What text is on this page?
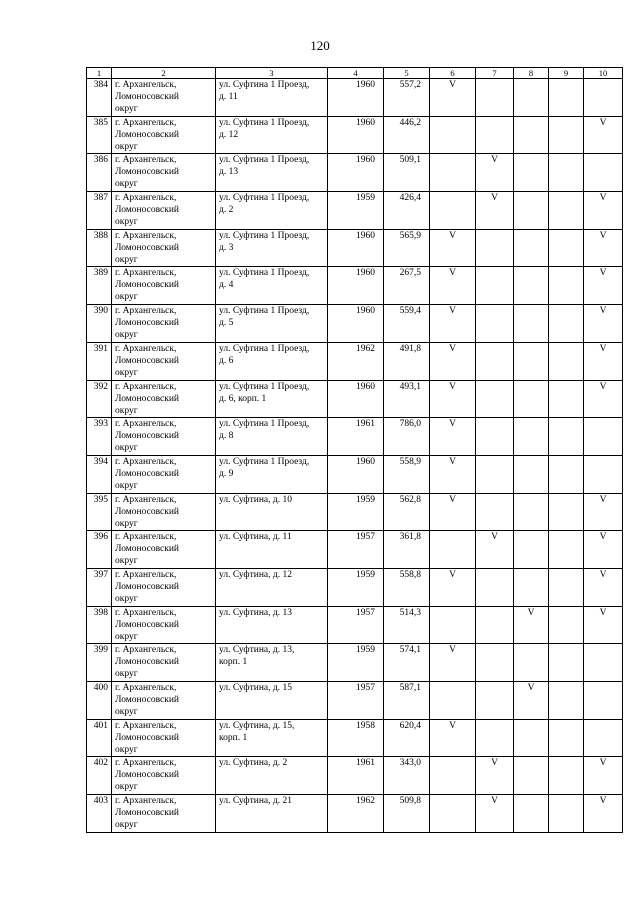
120
1	2	3	4	5	6	7	8	9	10
384	г. Архангельск,
Ломоносовский
округ	ул. Суфтина 1 Проезд,
д. 11	1960	557,2	V				
385	г. Архангельск,
Ломоносовский
округ	ул. Суфтина 1 Проезд,
д. 12	1960	446,2					V
386	г. Архангельск,
Ломоносовский
округ	ул. Суфтина 1 Проезд,
д. 13	1960	509,1		V			
387	г. Архангельск,
Ломоносовский
округ	ул. Суфтина 1 Проезд,
д. 2	1959	426,4		V			V
388	г. Архангельск,
Ломоносовский
округ	ул. Суфтина 1 Проезд,
д. 3	1960	565,9	V				V
389	г. Архангельск,
Ломоносовский
округ	ул. Суфтина 1 Проезд,
д. 4	1960	267,5	V				V
390	г. Архангельск,
Ломоносовский
округ	ул. Суфтина 1 Проезд,
д. 5	1960	559,4	V				V
391	г. Архангельск,
Ломоносовский
округ	ул. Суфтина 1 Проезд,
д. 6	1962	491,8	V				V
392	г. Архангельск,
Ломоносовский
округ	ул. Суфтина 1 Проезд,
д. 6, корп. 1	1960	493,1	V				V
393	г. Архангельск,
Ломоносовский
округ	ул. Суфтина 1 Проезд,
д. 8	1961	786,0	V				
394	г. Архангельск,
Ломоносовский
округ	ул. Суфтина 1 Проезд,
д. 9	1960	558,9	V				
395	г. Архангельск,
Ломоносовский
округ	ул. Суфтина, д. 10	1959	562,8	V				V
396	г. Архангельск,
Ломоносовский
округ	ул. Суфтина, д. 11	1957	361,8		V			V
397	г. Архангельск,
Ломоносовский
округ	ул. Суфтина, д. 12	1959	558,8	V				V
398	г. Архангельск,
Ломоносовский
округ	ул. Суфтина, д. 13	1957	514,3			V		V
399	г. Архангельск,
Ломоносовский
округ	ул. Суфтина, д. 13,
корп. 1	1959	574,1	V				
400	г. Архангельск,
Ломоносовский
округ	ул. Суфтина, д. 15	1957	587,1			V		
401	г. Архангельск,
Ломоносовский
округ	ул. Суфтина, д. 15,
корп. 1	1958	620,4	V				
402	г. Архангельск,
Ломоносовский
округ	ул. Суфтина, д. 2	1961	343,0		V			V
403	г. Архангельск,
Ломоносовский
округ	ул. Суфтина, д. 21	1962	509,8		V			V
